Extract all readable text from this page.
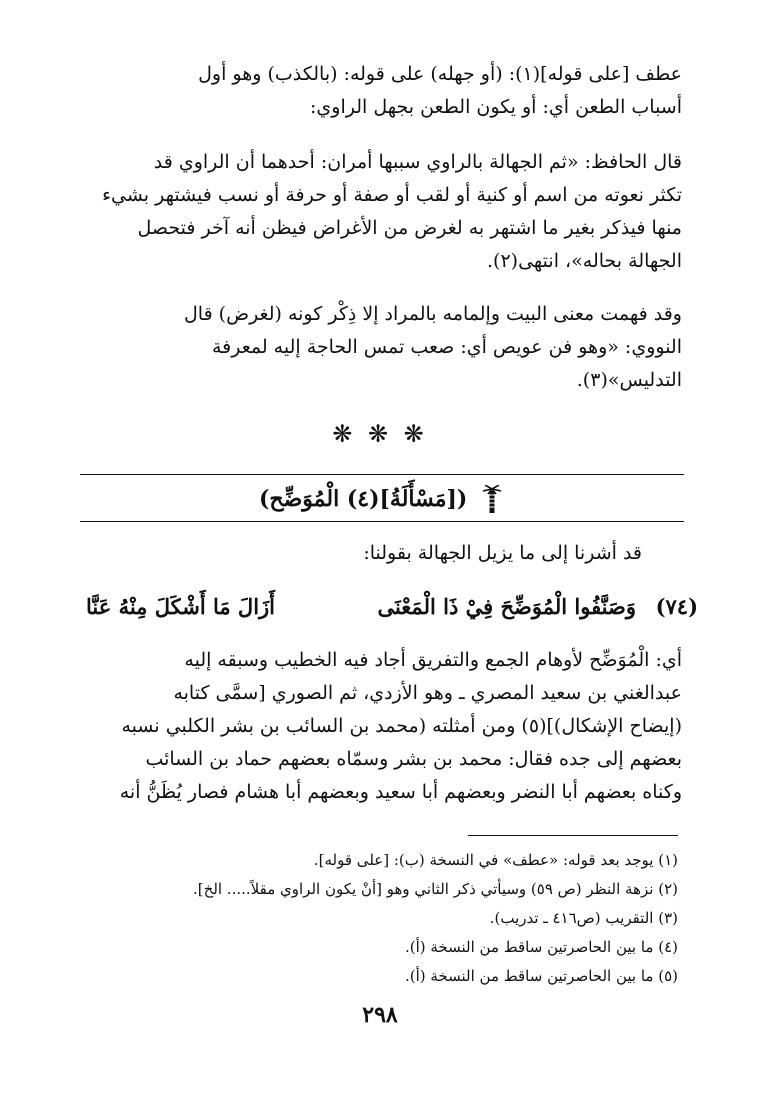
عطف [على قوله](١): (أو جهله) على قوله: (بالكذب) وهو أول
أسباب الطعن أي: أو يكون الطعن بجهل الراوي:
قال الحافظ: «ثم الجهالة بالراوي سببها أمران: أحدهما أن الراوي قد
تكثر نعوته من اسم أو كنية أو لقب أو صفة أو حرفة أو نسب فيشتهر بشيء
منها فيذكر بغير ما اشتهر به لغرض من الأغراض فيظن أنه آخر فتحصل
الجهالة بحاله»، انتهى(٢).
وقد فهمت معنى البيت وإلمامه بالمراد إلا ذِكْر كونه (لغرض) قال
النووي: «وهو فن عويص أي: صعب تمس الحاجة إليه لمعرفة
التدليس»(٣).
❋ ❋ ❋
([مَسْأَلَةُ](٤) الْمُوَضِّح)
قد أشرنا إلى ما يزيل الجهالة بقولنا:
(٧٤)
وَصَنَّفُوا الْمُوَضِّحَ فِيْ ذَا الْمَعْنَى
أَزَالَ مَا أَشْكَلَ مِنْهُ عَنَّا
أي: الْمُوَضِّح لأوهام الجمع والتفريق أجاد فيه الخطيب وسبقه إليه
عبدالغني بن سعيد المصري ـ وهو الأزدي، ثم الصوري [سمَّى كتابه
(إيضاح الإشكال)](٥) ومن أمثلته (محمد بن السائب بن بشر الكلبي نسبه
بعضهم إلى جده فقال: محمد بن بشر وسمّاه بعضهم حماد بن السائب
وكناه بعضهم أبا النضر وبعضهم أبا سعيد وبعضهم أبا هشام فصار يُظَنُّ أنه
(١) يوجد بعد قوله: «عطف» في النسخة (ب): [على قوله].
(٢) نزهة النظر (ص ٥٩) وسيأتي ذكر الثاني وهو [أنْ يكون الراوي مقلاً..... الخ].
(٣) التقريب (ص٤١٦ ـ تدريب).
(٤) ما بين الحاصرتين ساقط من النسخة (أ).
(٥) ما بين الحاصرتين ساقط من النسخة (أ).
٢٩٨
